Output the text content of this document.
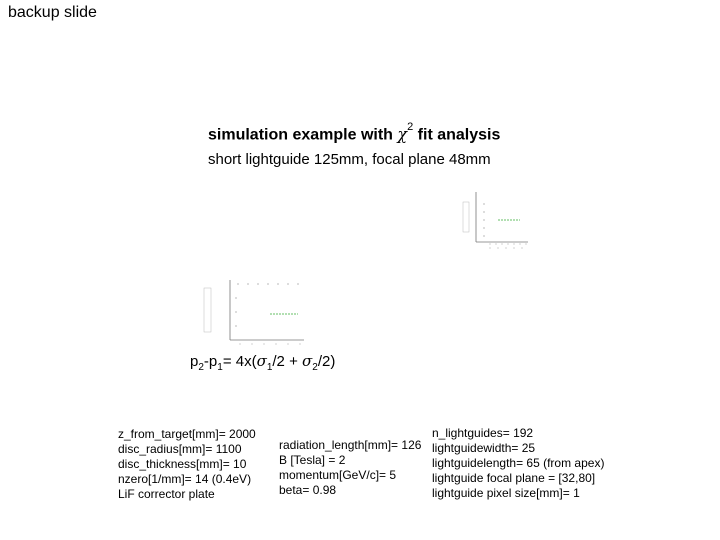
backup slide
simulation example with $\chi^2$ fit analysis
short lightguide 125mm, focal plane 48mm
$p_2-p_1= 4x(\sigma_1/2 + \sigma_2/2)$
z_from_target[mm]= 2000
disc_radius[mm]= 1100
disc_thickness[mm]= 10
nzero[1/mm]= 14 (0.4eV)
LiF corrector plate
radiation_length[mm]= 126
B [Tesla] = 2
momentum[GeV/c]= 5
beta= 0.98
n_lightguides= 192
lightguidewidth= 25
lightguidelength= 65 (from apex)
lightguide focal plane = [32,80]
lightguide pixel size[mm]= 1
